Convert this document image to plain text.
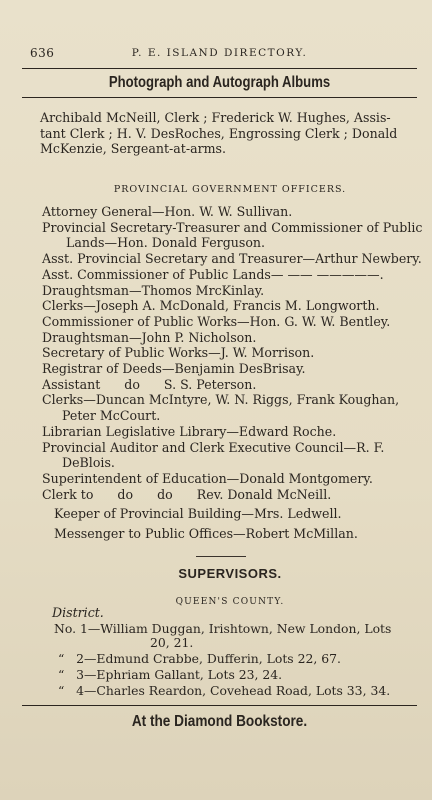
636	P. E. ISLAND DIRECTORY.
Photograph and Autograph Albums
Archibald McNeill, Clerk ; Frederick W. Hughes, Assis-
tant Clerk ; H. V. DesRoches, Engrossing Clerk ; Donald
McKenzie, Sergeant-at-arms.
PROVINCIAL GOVERNMENT OFFICERS.
Attorney General—Hon. W. W. Sullivan.
Provincial Secretary-Treasurer and Commissioner of Public
Lands—Hon. Donald Ferguson.
Asst. Provincial Secretary and Treasurer—Arthur Newbery.
Asst. Commissioner of Public Lands— —— —————.
Draughtsman—Thomos MrcKinlay.
Clerks—Joseph A. McDonald, Francis M. Longworth.
Commissioner of Public Works—Hon. G. W. W. Bentley.
Draughtsman—John P. Nicholson.
Secretary of Public Works—J. W. Morrison.
Registrar of Deeds—Benjamin DesBrisay.
Assistant      do      S. S. Peterson.
Clerks—Duncan McIntyre, W. N. Riggs, Frank Koughan,
Peter McCourt.
Librarian Legislative Library—Edward Roche.
Provincial Auditor and Clerk Executive Council—R. F.
DeBlois.
Superintendent of Education—Donald Montgomery.
Clerk to      do      do      Rev. Donald McNeill.
Keeper of Provincial Building—Mrs. Ledwell.
Messenger to Public Offices—Robert McMillan.
SUPERVISORS.
QUEEN'S COUNTY.
District.
No. 1—William Duggan, Irishtown, New London, Lots
20, 21.
“   2—Edmund Crabbe, Dufferin, Lots 22, 67.
“   3—Ephriam Gallant, Lots 23, 24.
“   4—Charles Reardon, Covehead Road, Lots 33, 34.
At the Diamond Bookstore.
